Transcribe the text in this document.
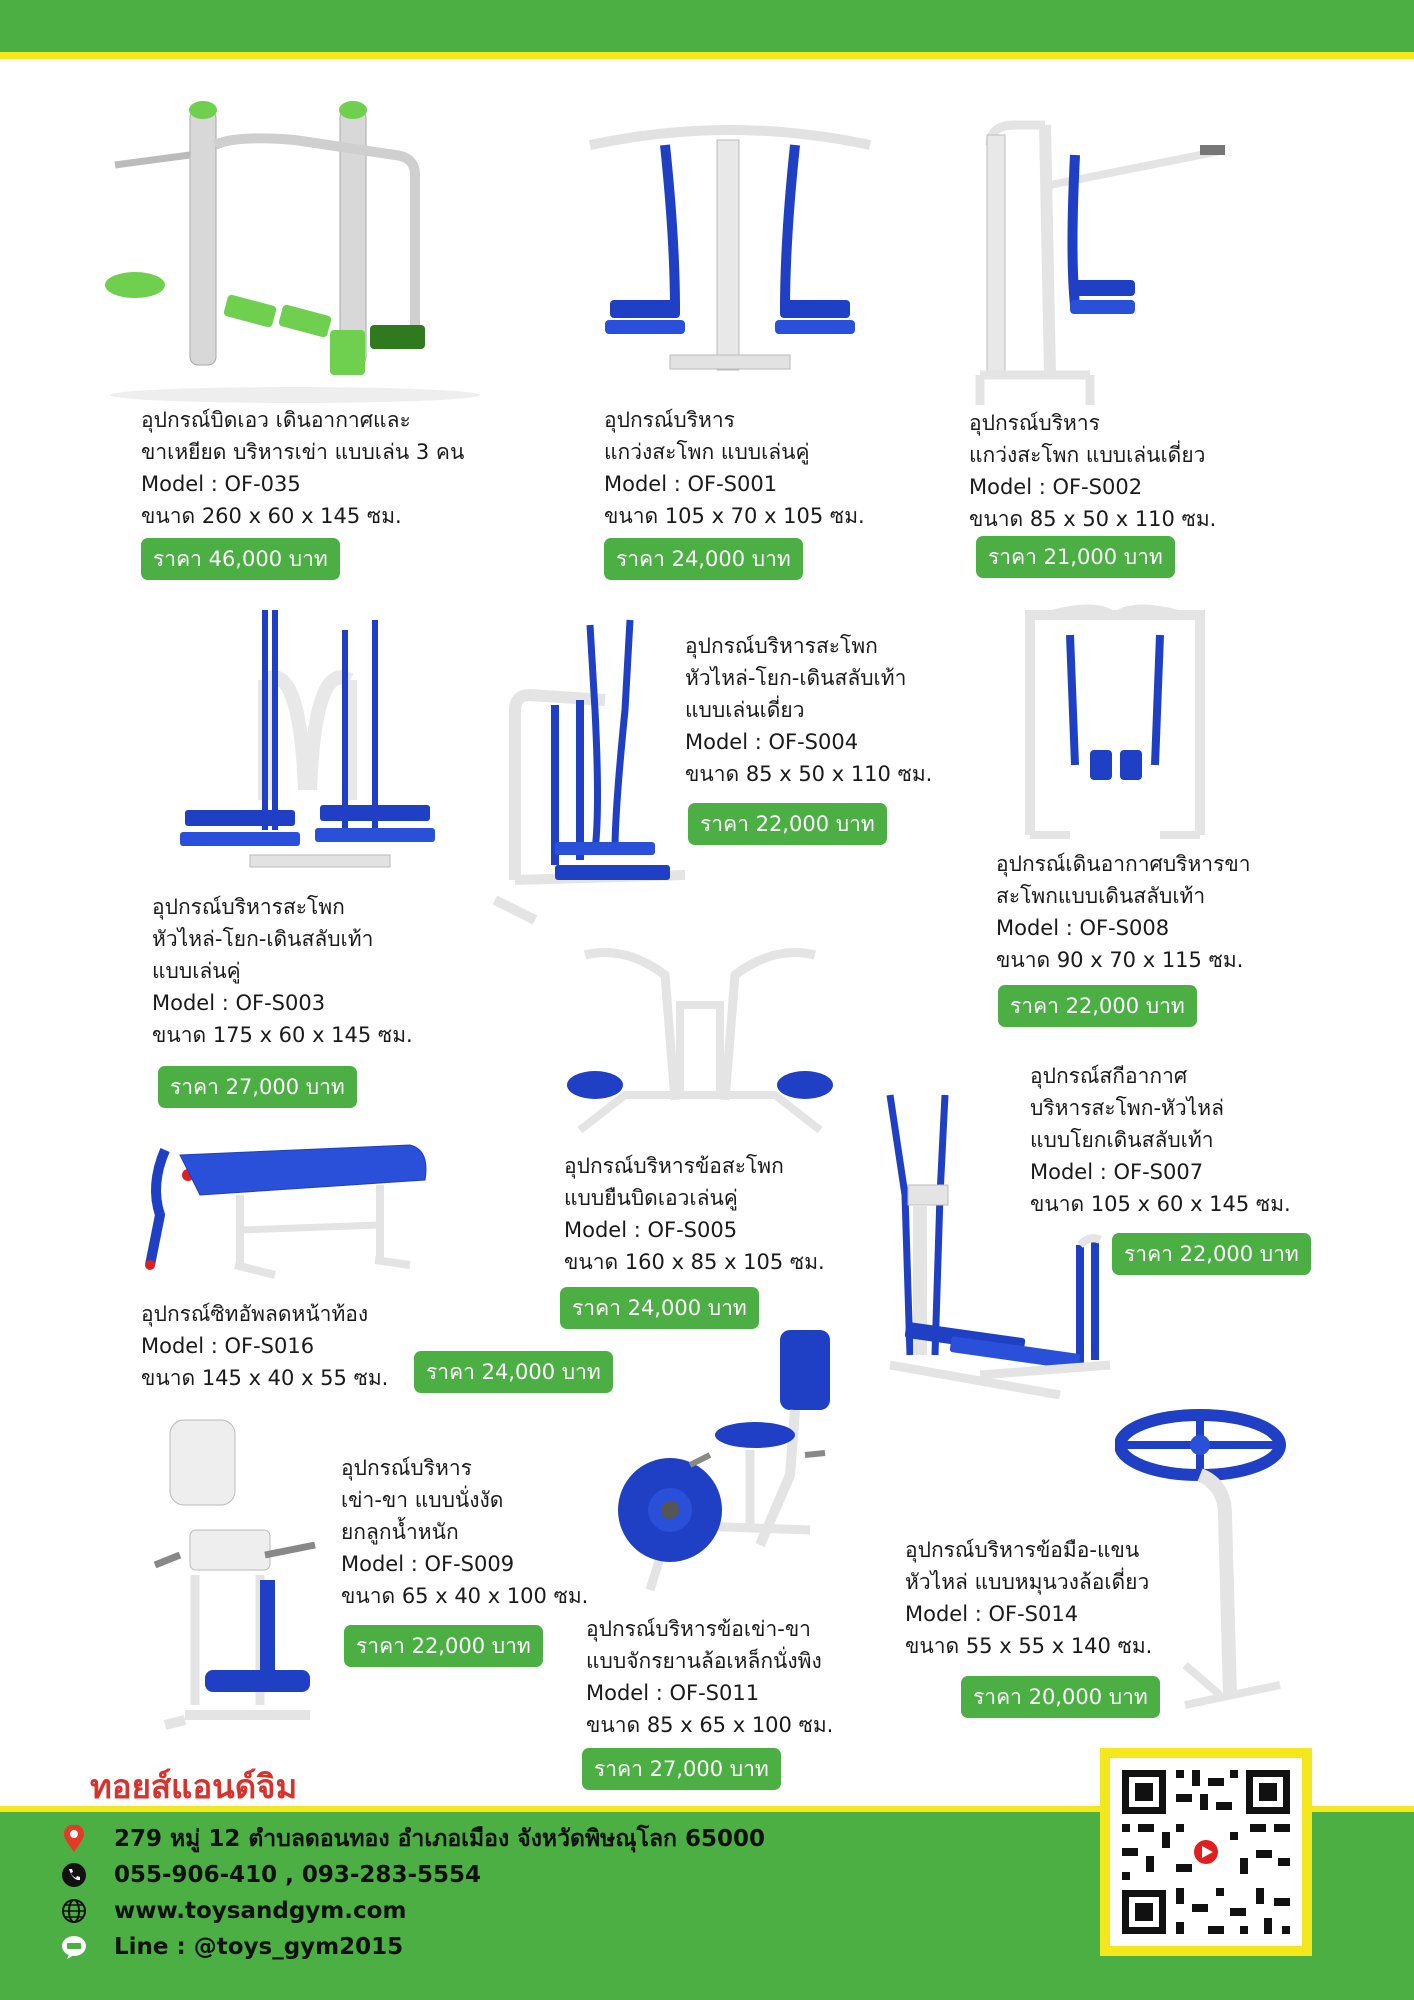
อุปกรณ์บิดเอว เดินอากาศและ
ขาเหยียด บริหารเข่า แบบเล่น 3 คน
Model : OF-035
ขนาด 260 x 60 x 145 ซม.
ราคา 46,000 บาท
อุปกรณ์บริหาร
แกว่งสะโพก แบบเล่นคู่
Model : OF-S001
ขนาด 105 x 70 x 105 ซม.
ราคา 24,000 บาท
อุปกรณ์บริหาร
แกว่งสะโพก แบบเล่นเดี่ยว
Model : OF-S002
ขนาด 85 x 50 x 110 ซม.
ราคา 21,000 บาท
อุปกรณ์บริหารสะโพก
หัวไหล่-โยก-เดินสลับเท้า
แบบเล่นคู่
Model : OF-S003
ขนาด 175 x 60 x 145 ซม.
ราคา 27,000 บาท
อุปกรณ์บริหารสะโพก
หัวไหล่-โยก-เดินสลับเท้า
แบบเล่นเดี่ยว
Model : OF-S004
ขนาด 85 x 50 x 110 ซม.
ราคา 22,000 บาท
อุปกรณ์เดินอากาศบริหารขา
สะโพกแบบเดินสลับเท้า
Model : OF-S008
ขนาด 90 x 70 x 115 ซม.
ราคา 22,000 บาท
อุปกรณ์บริหารข้อสะโพก
แบบยืนบิดเอวเล่นคู่
Model : OF-S005
ขนาด 160 x 85 x 105 ซม.
ราคา 24,000 บาท
อุปกรณ์สกีอากาศ
บริหารสะโพก-หัวไหล่
แบบโยกเดินสลับเท้า
Model : OF-S007
ขนาด 105 x 60 x 145 ซม.
ราคา 22,000 บาท
อุปกรณ์ซิทอัพลดหน้าท้อง
Model : OF-S016
ขนาด 145 x 40 x 55 ซม.	ราคา 24,000 บาท
อุปกรณ์บริหาร
เข่า-ขา แบบนั่งงัด
ยกลูกน้ำหนัก
Model : OF-S009
ขนาด 65 x 40 x 100 ซม.
ราคา 22,000 บาท
อุปกรณ์บริหารข้อเข่า-ขา
แบบจักรยานล้อเหล็กนั่งพิง
Model : OF-S011
ขนาด 85 x 65 x 100 ซม.
ราคา 27,000 บาท
อุปกรณ์บริหารข้อมือ-แขน
หัวไหล่ แบบหมุนวงล้อเดี่ยว
Model : OF-S014
ขนาด 55 x 55 x 140 ซม.
ราคา 20,000 บาท
ทอยส์แอนด์จิม
279 หมู่ 12 ตำบลดอนทอง อำเภอเมือง จังหวัดพิษณุโลก 65000
055-906-410 , 093-283-5554
www.toysandgym.com
Line : @toys_gym2015
